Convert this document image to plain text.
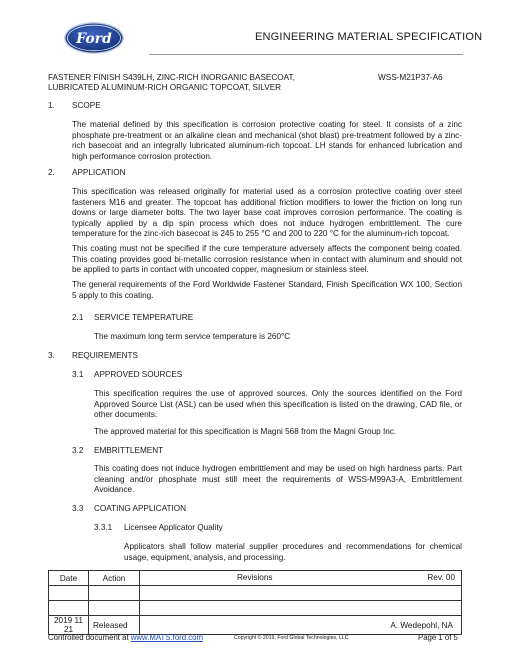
Ford	ENGINEERING MATERIAL SPECIFICATION
FASTENER FINISH S439LH, ZINC-RICH INORGANIC BASECOAT,
LUBRICATED ALUMINUM-RICH ORGANIC TOPCOAT, SILVER
WSS-M21P37-A6
1. SCOPE

The material defined by this specification is corrosion protective coating for steel. It consists of a zinc phosphate pre-treatment or an alkaline clean and mechanical (shot blast) pre-treatment followed by a zinc-rich basecoat and an integrally lubricated aluminum-rich topcoat. LH stands for enhanced lubrication and high performance corrosion protection.

2. APPLICATION

This specification was released originally for material used as a corrosion protective coating over steel fasteners M16 and greater. The topcoat has additional friction modifiers to lower the friction on long run downs or large diameter bolts. The two layer base coat improves corrosion performance. The coating is typically applied by a dip spin process which does not induce hydrogen embrittlement. The cure temperature for the zinc-rich basecoat is 245 to 255 °C and 200 to 220 °C for the aluminum-rich topcoat.

This coating must not be specified if the cure temperature adversely affects the component being coated. This coating provides good bi-metallic corrosion resistance when in contact with aluminum and should not be applied to parts in contact with uncoated copper, magnesium or stainless steel.

The general requirements of the Ford Worldwide Fastener Standard, Finish Specification WX 100, Section 5 apply to this coating.

2.1 SERVICE TEMPERATURE

The maximum long term service temperature is 260°C

3. REQUIREMENTS
3.1 APPROVED SOURCES

This specification requires the use of approved sources. Only the sources identified on the Ford Approved Source List (ASL) can be used when this specification is listed on the drawing, CAD file, or other documents.

The approved material for this specification is Magni 568 from the Magni Group Inc.

3.2 EMBRITTLEMENT

This coating does not induce hydrogen embrittlement and may be used on high hardness parts. Part cleaning and/or phosphate must still meet the requirements of WSS-M99A3-A, Embrittlement Avoidance.

3.3 COATING APPLICATION
3.3.1 Licensee Applicator Quality

Applicators shall follow material supplier procedures and recommendations for chemical usage, equipment, analysis, and processing.

Date	Action	Revisions Rev. 00

2019 11 21	Released	A. Wedepohl, NA
Controlled document at www.MATS.ford.com	Copyright © 2019, Ford Global Technologies, LLC	Page 1 of 5
